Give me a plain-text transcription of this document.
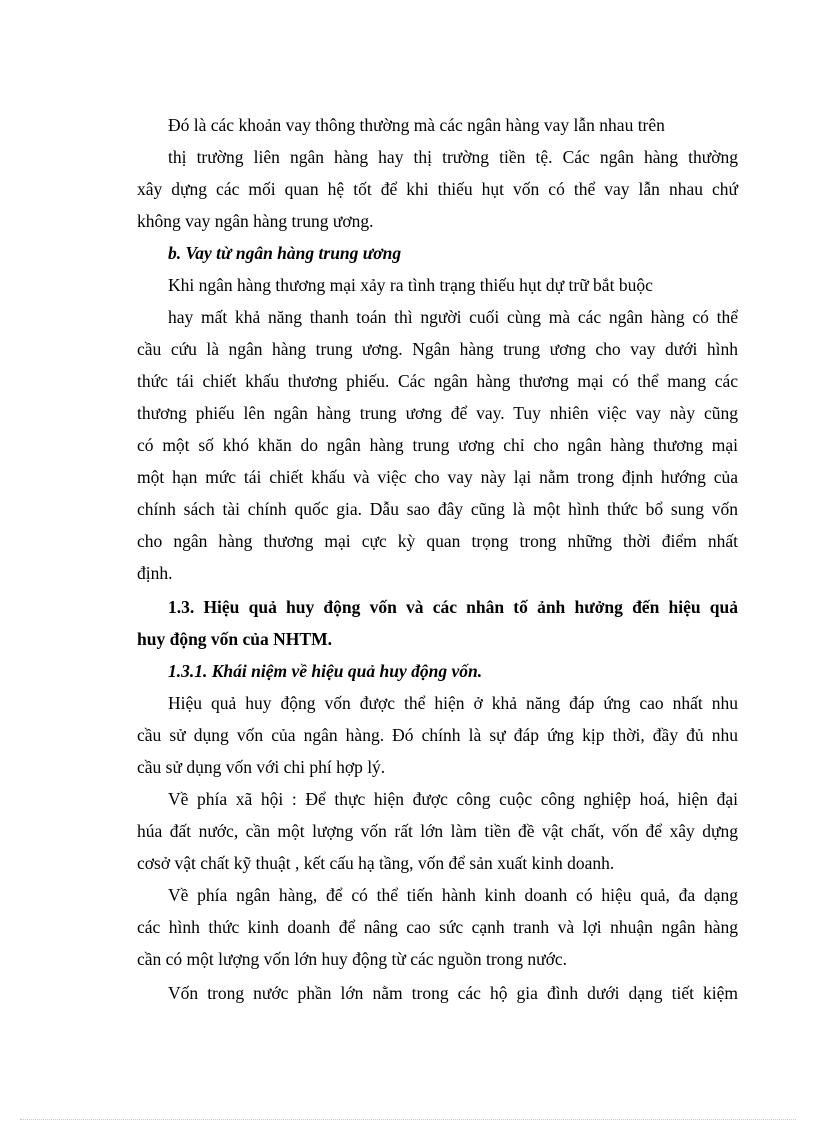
Đó là các khoản vay thông thường mà các ngân hàng vay lẫn nhau trên
thị trường liên ngân hàng hay thị trường tiền tệ. Các ngân hàng thường
xây dựng các mối quan hệ tốt để khi thiếu hụt vốn có thể vay lẫn nhau chứ
không vay ngân hàng trung ương.
b. Vay từ ngân hàng trung ương
Khi ngân hàng thương mại xảy ra tình trạng thiếu hụt dự trữ bắt buộc
hay mất khả năng thanh toán thì người cuối cùng mà các ngân hàng có thể
cầu cứu là ngân hàng trung ương. Ngân hàng trung ương cho vay dưới hình
thức tái chiết khấu thương phiếu. Các ngân hàng thương mại có thể mang các
thương phiếu lên ngân hàng trung ương để vay. Tuy nhiên việc vay này cũng
có một số khó khăn do ngân hàng trung ương chỉ cho ngân hàng thương mại
một hạn mức tái chiết khấu và việc cho vay này lại nằm trong định hướng của
chính sách tài chính quốc gia. Dẫu sao đây cũng là một hình thức bổ sung vốn
cho ngân hàng thương mại cực kỳ quan trọng trong những thời điểm nhất
định.
1.3. Hiệu quả huy động vốn và các nhân tố ảnh hưởng đến hiệu quả
huy động vốn của NHTM.
1.3.1. Khái niệm về hiệu quả huy động vốn.
Hiệu quả huy động vốn được thể hiện ở khả năng đáp ứng cao nhất nhu
cầu sử dụng vốn của ngân hàng. Đó chính là sự đáp ứng kịp thời, đầy đủ nhu
cầu sử dụng vốn với chi phí hợp lý.
Về phía xã hội : Để thực hiện được công cuộc công nghiệp hoá, hiện đại
húa đất nước, cần một lượng vốn rất lớn làm tiền đề vật chất, vốn để xây dựng
cơsở vật chất kỹ thuật , kết cấu hạ tầng, vốn để sản xuất kinh doanh.
Về phía ngân hàng, để có thể tiến hành kinh doanh có hiệu quả, đa dạng
các hình thức kinh doanh để nâng cao sức cạnh tranh và lợi nhuận ngân hàng
cần có một lượng vốn lớn huy động từ các nguồn trong nước.
Vốn trong nước phần lớn nằm trong các hộ gia đình dưới dạng tiết kiệm
